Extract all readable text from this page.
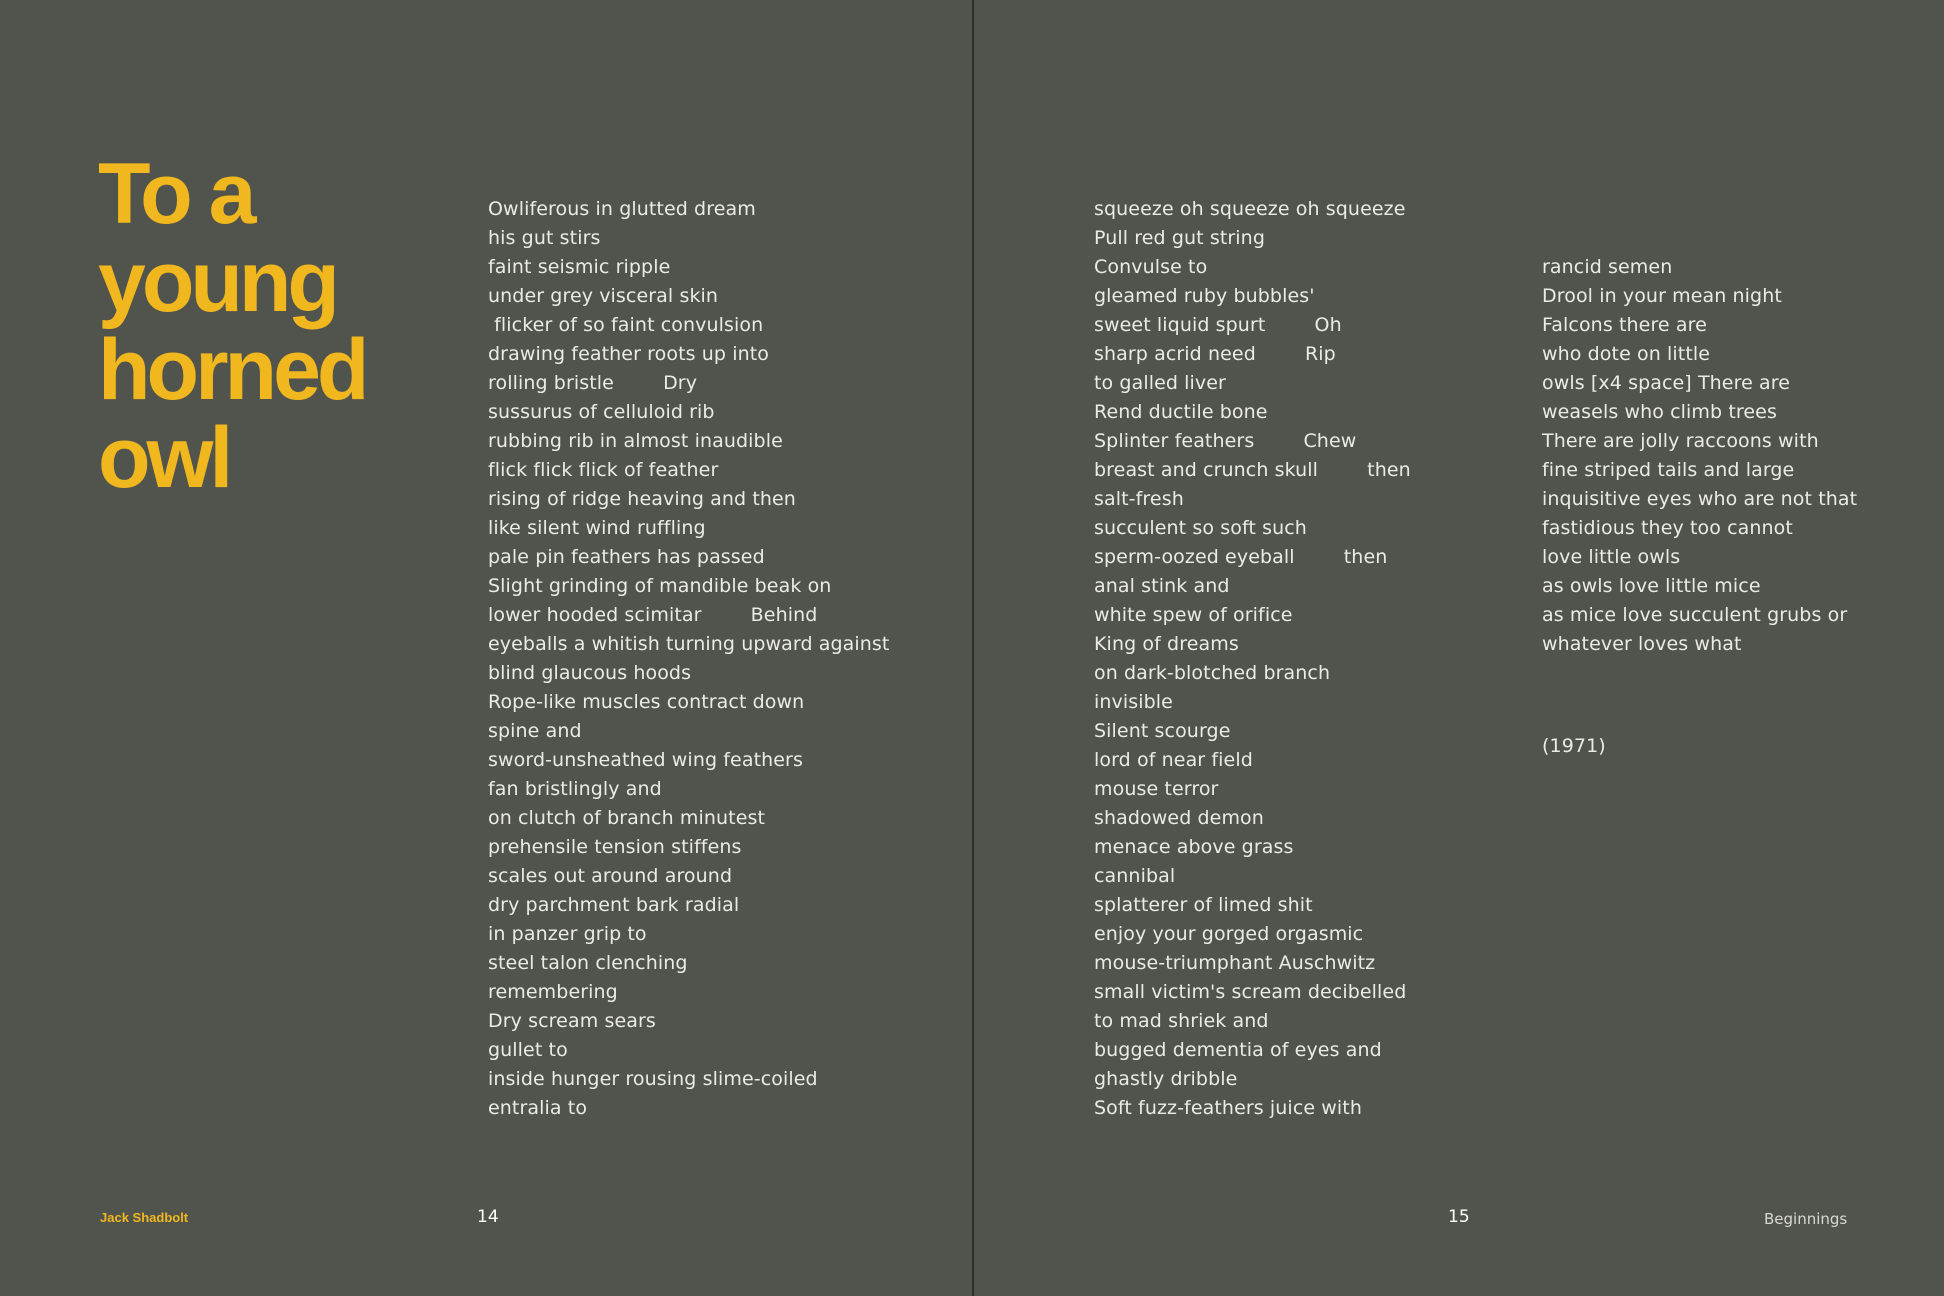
To a
young
horned
owl
Owliferous in glutted dream
his gut stirs
faint seismic ripple
under grey visceral skin
flicker of so faint convulsion
drawing feather roots up into
rolling bristle        Dry
sussurus of celluloid rib
rubbing rib in almost inaudible
flick flick flick of feather
rising of ridge heaving and then
like silent wind ruffling
pale pin feathers has passed
Slight grinding of mandible beak on
lower hooded scimitar        Behind
eyeballs a whitish turning upward against
blind glaucous hoods
Rope-like muscles contract down
spine and
sword-unsheathed wing feathers
fan bristlingly and
on clutch of branch minutest
prehensile tension stiffens
scales out around around
dry parchment bark radial
in panzer grip to
steel talon clenching
remembering
Dry scream sears
gullet to
inside hunger rousing slime-coiled
entralia to
squeeze oh squeeze oh squeeze
Pull red gut string
Convulse to
gleamed ruby bubbles'
sweet liquid spurt        Oh
sharp acrid need        Rip
to galled liver
Rend ductile bone
Splinter feathers        Chew
breast and crunch skull        then
salt-fresh
succulent so soft such
sperm-oozed eyeball        then
anal stink and
white spew of orifice
King of dreams
on dark-blotched branch
invisible
Silent scourge
lord of near field
mouse terror
shadowed demon
menace above grass
cannibal
splatterer of limed shit
enjoy your gorged orgasmic
mouse-triumphant Auschwitz
small victim's scream decibelled
to mad shriek and
bugged dementia of eyes and
ghastly dribble
Soft fuzz-feathers juice with

rancid semen
Drool in your mean night
Falcons there are
who dote on little
owls [x4 space] There are
weasels who climb trees
There are jolly raccoons with
fine striped tails and large
inquisitive eyes who are not that
fastidious they too cannot
love little owls
as owls love little mice
as mice love succulent grubs or
whatever loves what

(1971)

Jack Shadbolt	14	15	Beginnings
